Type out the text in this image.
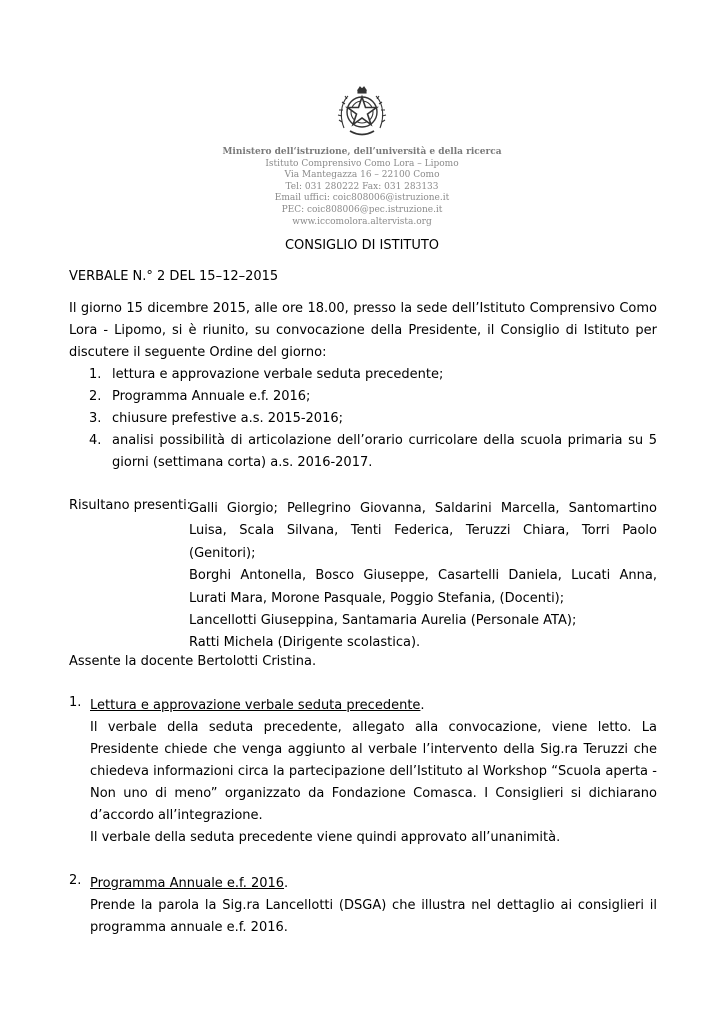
Ministero dell‘istruzione, dell’università e della ricerca
Istituto Comprensivo Como Lora – Lipomo
Via Mantegazza 16 – 22100 Como
Tel: 031 280222 Fax: 031 283133
Email uffici: coic808006@istruzione.it
PEC: coic808006@pec.istruzione.it
www.iccomolora.altervista.org
CONSIGLIO DI ISTITUTO
VERBALE N.° 2 DEL 15–12–2015
Il giorno 15 dicembre 2015, alle ore 18.00, presso la sede dell’Istituto Comprensivo Como Lora - Lipomo, si è riunito, su convocazione della Presidente, il Consiglio di Istituto per discutere il seguente Ordine del giorno:
1. lettura e approvazione verbale seduta precedente;
2. Programma Annuale e.f. 2016;
3. chiusure prefestive a.s. 2015-2016;
4. analisi possibilità di articolazione dell’orario curricolare della scuola primaria su 5 giorni (settimana corta) a.s. 2016-2017.
Risultano presenti:
Galli Giorgio; Pellegrino Giovanna, Saldarini Marcella, Santomartino Luisa, Scala Silvana, Tenti Federica, Teruzzi Chiara, Torri Paolo (Genitori);
Borghi Antonella, Bosco Giuseppe, Casartelli Daniela, Lucati Anna, Lurati Mara, Morone Pasquale, Poggio Stefania, (Docenti);
Lancellotti Giuseppina, Santamaria Aurelia (Personale ATA);
Ratti Michela (Dirigente scolastica).
Assente la docente Bertolotti Cristina.
1. Lettura e approvazione verbale seduta precedente.

Il verbale della seduta precedente, allegato alla convocazione, viene letto. La Presidente chiede che venga aggiunto al verbale l’intervento della Sig.ra Teruzzi che chiedeva informazioni circa la partecipazione dell’Istituto al Workshop “Scuola aperta - Non uno di meno” organizzato da Fondazione Comasca. I Consiglieri si dichiarano d’accordo all’integrazione.

Il verbale della seduta precedente viene quindi approvato all’unanimità.

2. Programma Annuale e.f. 2016.

Prende la parola la Sig.ra Lancellotti (DSGA) che illustra nel dettaglio ai consiglieri il programma annuale e.f. 2016.
